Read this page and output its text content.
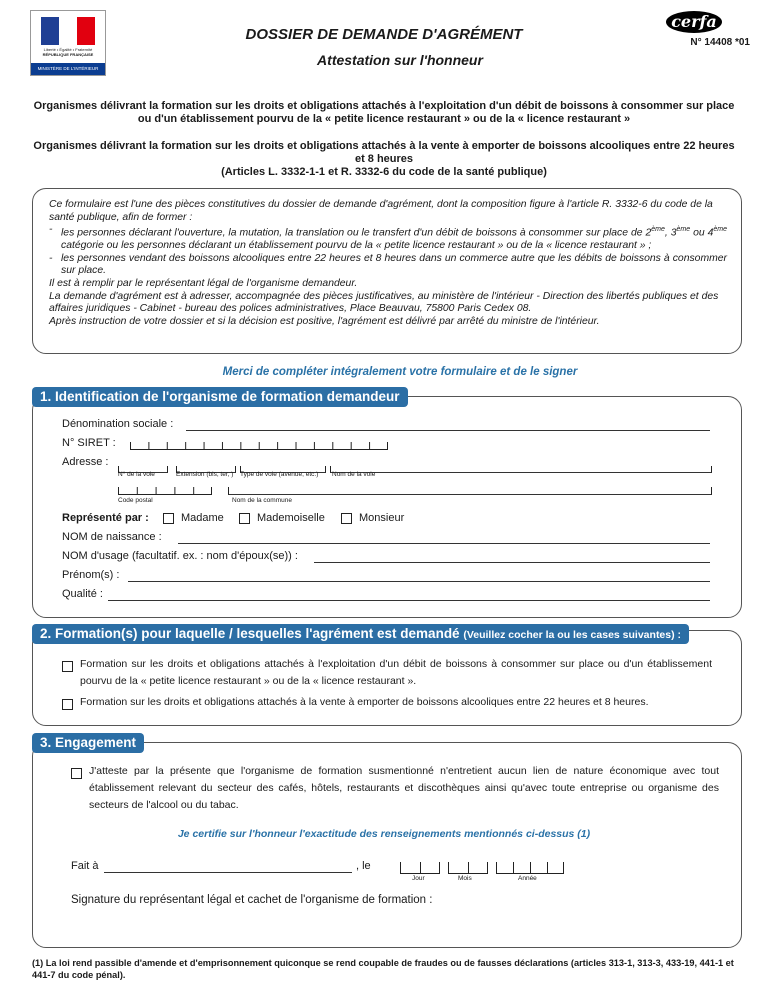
Liberté • Égalité • Fraternité
RÉPUBLIQUE FRANÇAISE
MINISTÈRE DE L'INTÉRIEUR
DOSSIER DE DEMANDE D'AGRÉMENT
Attestation sur l'honneur
cerfa
N° 14408 *01
Organismes délivrant la formation sur les droits et obligations attachés à l'exploitation d'un débit de boissons à consommer sur place ou d'un établissement pourvu de la « petite licence restaurant » ou de la « licence restaurant »
Organismes délivrant la formation sur les droits et obligations attachés à la vente à emporter de boissons alcooliques entre 22 heures et 8 heures
(Articles L. 3332-1-1 et R. 3332-6 du code de la santé publique)

Ce formulaire est l'une des pièces constitutives du dossier de demande d'agrément, dont la composition figure à l'article R. 3332-6 du code de la santé publique, afin de former :

- les personnes déclarant l'ouverture, la mutation, la translation ou le transfert d'un débit de boissons à consommer sur place de 2ème, 3ème ou 4ème catégorie ou les personnes déclarant un établissement pourvu de la « petite licence restaurant » ou de la « licence restaurant » ;
- les personnes vendant des boissons alcooliques entre 22 heures et 8 heures dans un commerce autre que les débits de boissons à consommer sur place.

Il est à remplir par le représentant légal de l'organisme demandeur.

La demande d'agrément est à adresser, accompagnée des pièces justificatives, au ministère de l'intérieur - Direction des libertés publiques et des affaires juridiques - Cabinet - bureau des polices administratives, Place Beauvau, 75800 Paris Cedex 08.

Après instruction de votre dossier et si la décision est positive, l'agrément est délivré par arrêté du ministre de l'intérieur.

Merci de compléter intégralement votre formulaire et de le signer
1. Identification de l'organisme de formation demandeur
Dénomination sociale :
N° SIRET :
Adresse :
N° de la voie	Extension (bis, ter, ) Type de voie (avenue, etc.) Nom de la voie
Code postal	Nom de la commune
Représenté par :	Madame	Mademoiselle	Monsieur
NOM de naissance :
NOM d'usage (facultatif. ex. : nom d'époux(se)) :
Prénom(s) :
Qualité :
2. Formation(s) pour laquelle / lesquelles l'agrément est demandé (Veuillez cocher la ou les cases suivantes) :
Formation sur les droits et obligations attachés à l'exploitation d'un débit de boissons à consommer sur place ou d'un établissement pourvu de la « petite licence restaurant » ou de la « licence restaurant ».
Formation sur les droits et obligations attachés à la vente à emporter de boissons alcooliques entre 22 heures et 8 heures.
3. Engagement
J'atteste par la présente que l'organisme de formation susmentionné n'entretient aucun lien de nature économique avec tout établissement relevant du secteur des cafés, hôtels, restaurants et discothèques ainsi qu'avec toute entreprise ou organisme des secteurs de l'alcool ou du tabac.
Je certifie sur l'honneur l'exactitude des renseignements mentionnés ci-dessus (1)
Fait à	, le
Jour	Mois	Année
Signature du représentant légal et cachet de l'organisme de formation :
(1) La loi rend passible d'amende et d'emprisonnement quiconque se rend coupable de fraudes ou de fausses déclarations (articles 313-1, 313-3, 433-19, 441-1 et 441-7 du code pénal).
